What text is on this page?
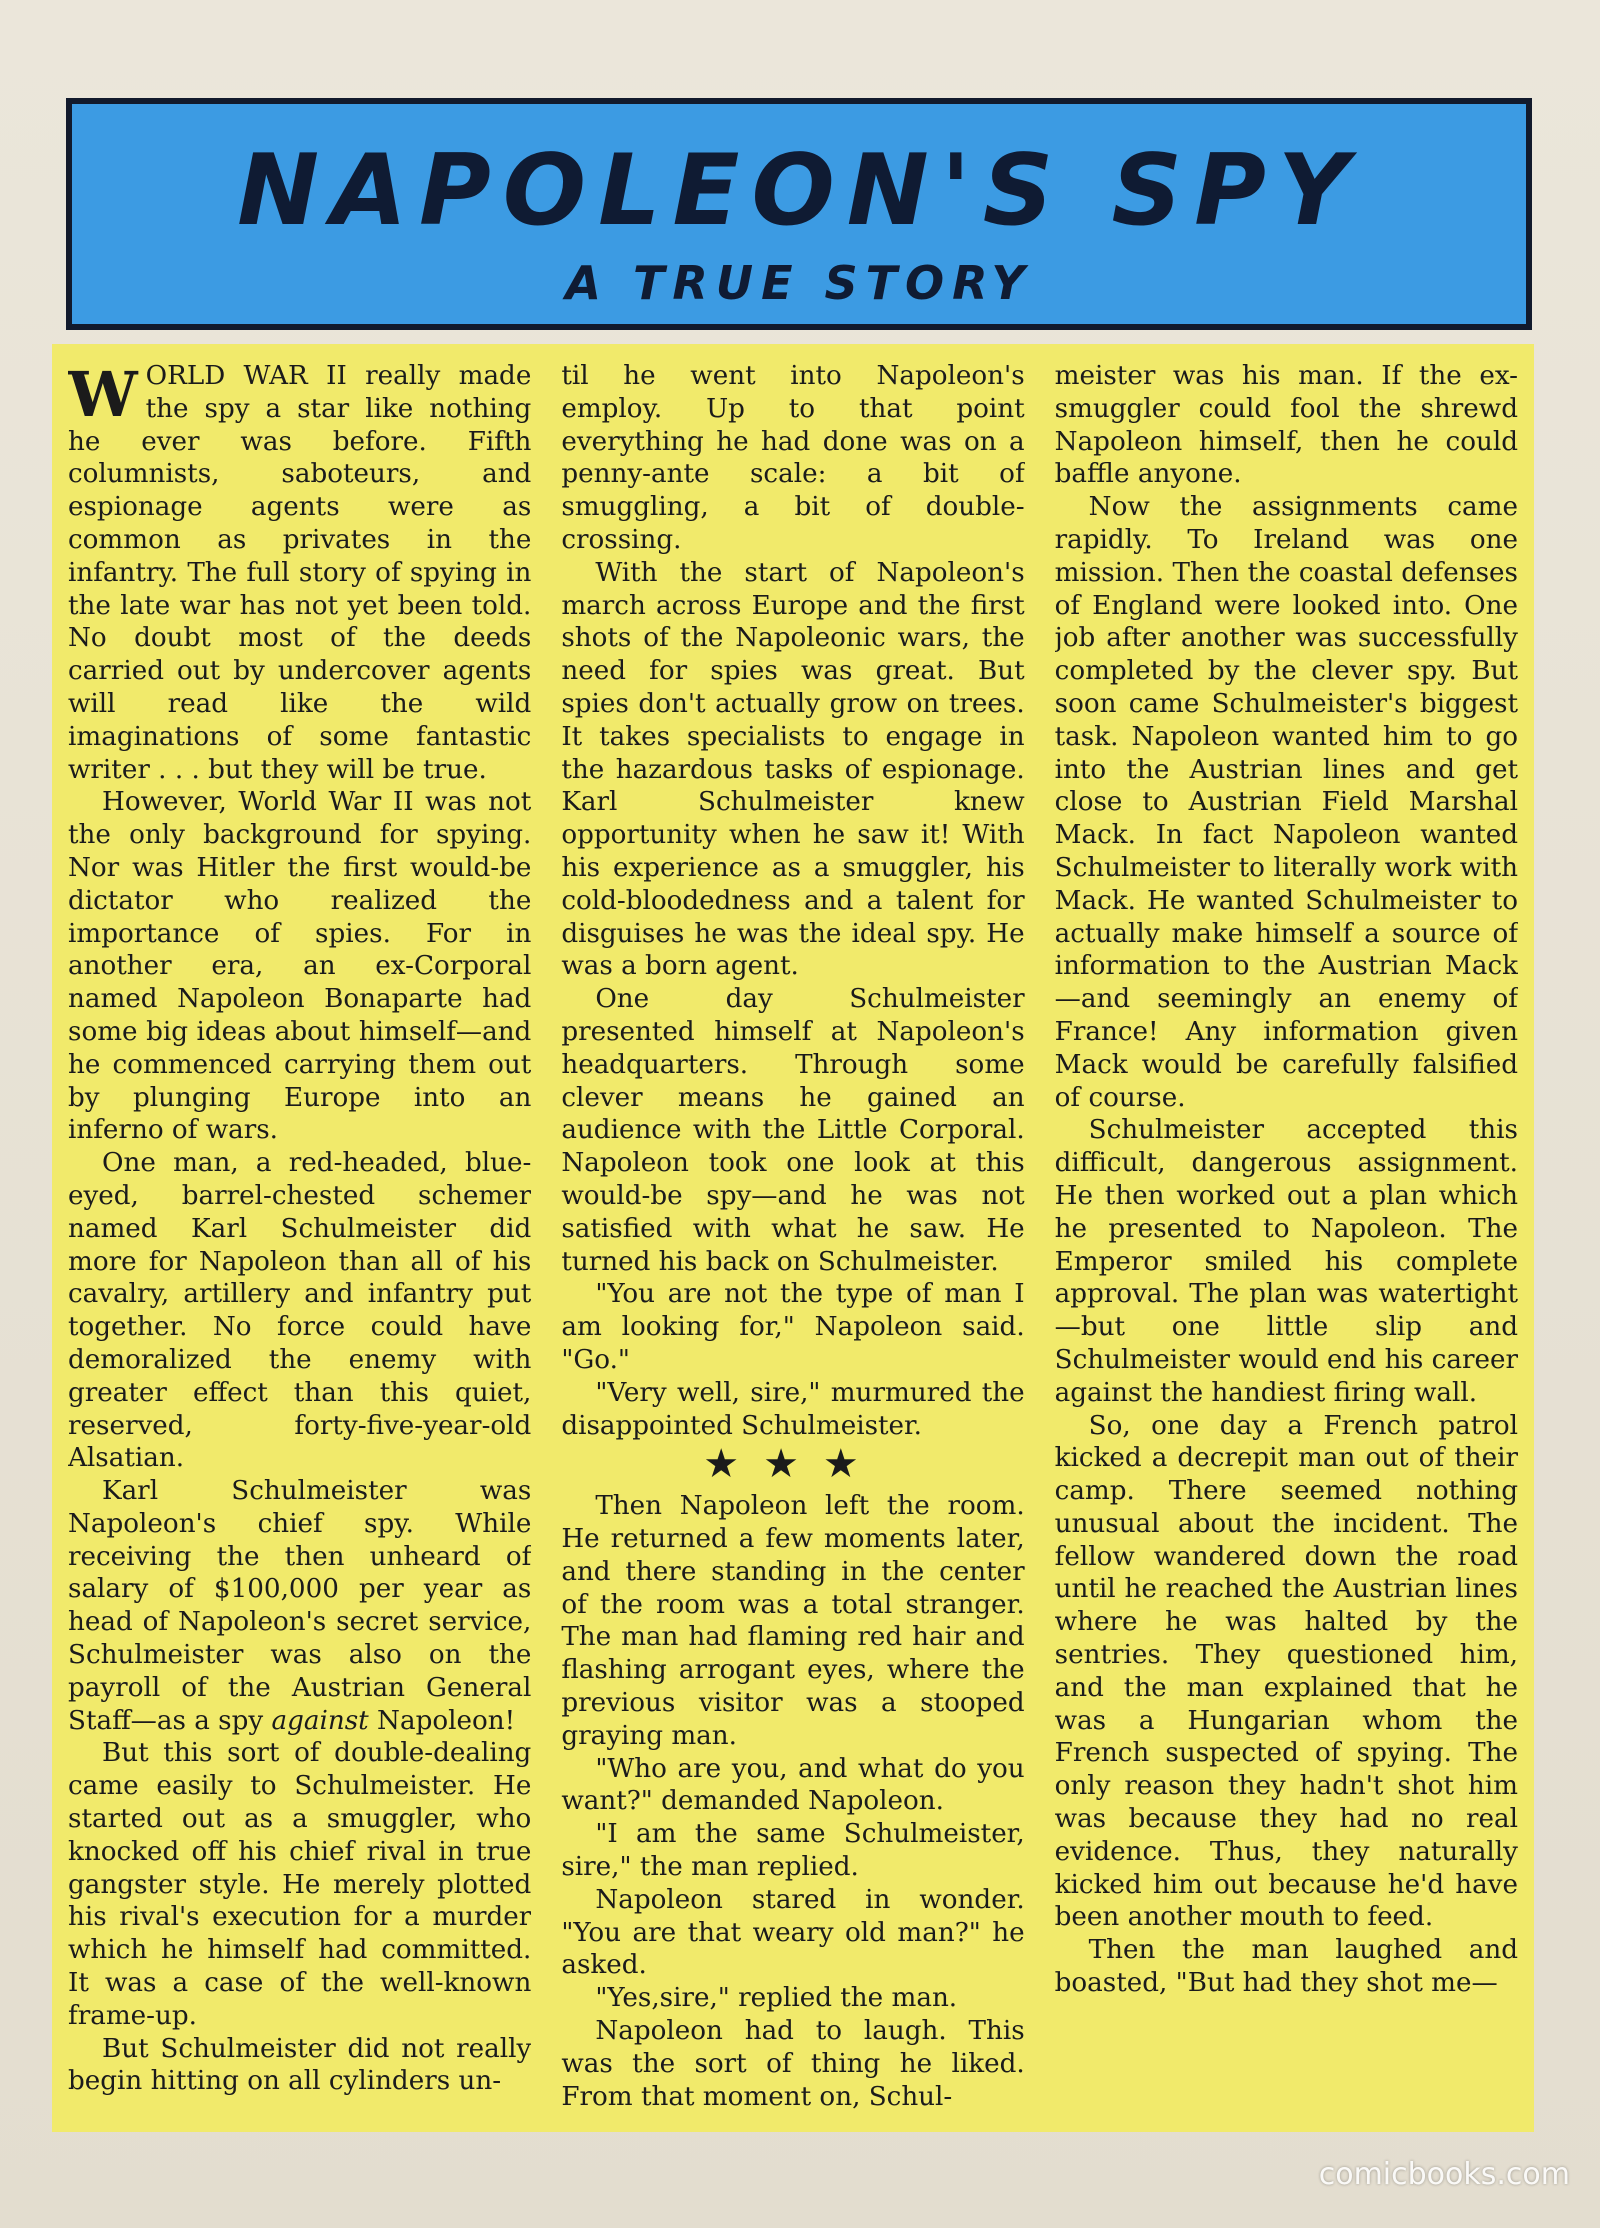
NAPOLEON'S SPY
A TRUE STORY

WORLD WAR II really made the spy a star like nothing he ever was before. Fifth columnists, saboteurs, and espionage agents were as common as privates in the infantry. The full story of spying in the late war has not yet been told. No doubt most of the deeds carried out by undercover agents will read like the wild imaginations of some fantastic writer . . . but they will be true.

However, World War II was not the only background for spying. Nor was Hitler the first would-be dictator who realized the importance of spies. For in another era, an ex-Corporal named Napoleon Bonaparte had some big ideas about himself—and he commenced carrying them out by plunging Europe into an inferno of wars.

One man, a red-headed, blue-eyed, barrel-chested schemer named Karl Schulmeister did more for Napoleon than all of his cavalry, artillery and infantry put together. No force could have demoralized the enemy with greater effect than this quiet, reserved, forty-five-year-old Alsatian.

Karl Schulmeister was Napoleon's chief spy. While receiving the then unheard of salary of $100,000 per year as head of Napoleon's secret service, Schulmeister was also on the payroll of the Austrian General Staff—as a spy against Napoleon!

But this sort of double-dealing came easily to Schulmeister. He started out as a smuggler, who knocked off his chief rival in true gangster style. He merely plotted his rival's execution for a murder which he himself had committed. It was a case of the well-known frame-up.

But Schulmeister did not really begin hitting on all cylinders un-

til he went into Napoleon's employ. Up to that point everything he had done was on a penny-ante scale: a bit of smuggling, a bit of double-crossing.

With the start of Napoleon's march across Europe and the first shots of the Napoleonic wars, the need for spies was great. But spies don't actually grow on trees. It takes specialists to engage in the hazardous tasks of espionage. Karl Schulmeister knew opportunity when he saw it! With his experience as a smuggler, his cold-bloodedness and a talent for disguises he was the ideal spy. He was a born agent.

One day Schulmeister presented himself at Napoleon's headquarters. Through some clever means he gained an audience with the Little Corporal. Napoleon took one look at this would-be spy—and he was not satisfied with what he saw. He turned his back on Schulmeister.

"You are not the type of man I am looking for," Napoleon said. "Go."

"Very well, sire," murmured the disappointed Schulmeister.

★★★

Then Napoleon left the room. He returned a few moments later, and there standing in the center of the room was a total stranger. The man had flaming red hair and flashing arrogant eyes, where the previous visitor was a stooped graying man.

"Who are you, and what do you want?" demanded Napoleon.

"I am the same Schulmeister, sire," the man replied.

Napoleon stared in wonder. "You are that weary old man?" he asked.

"Yes,sire," replied the man.

Napoleon had to laugh. This was the sort of thing he liked. From that moment on, Schul-

meister was his man. If the ex-smuggler could fool the shrewd Napoleon himself, then he could baffle anyone.

Now the assignments came rapidly. To Ireland was one mission. Then the coastal defenses of England were looked into. One job after another was successfully completed by the clever spy. But soon came Schulmeister's biggest task. Napoleon wanted him to go into the Austrian lines and get close to Austrian Field Marshal Mack. In fact Napoleon wanted Schulmeister to literally work with Mack. He wanted Schulmeister to actually make himself a source of information to the Austrian Mack—and seemingly an enemy of France! Any information given Mack would be carefully falsified of course.

Schulmeister accepted this difficult, dangerous assignment. He then worked out a plan which he presented to Napoleon. The Emperor smiled his complete approval. The plan was watertight—but one little slip and Schulmeister would end his career against the handiest firing wall.

So, one day a French patrol kicked a decrepit man out of their camp. There seemed nothing unusual about the incident. The fellow wandered down the road until he reached the Austrian lines where he was halted by the sentries. They questioned him, and the man explained that he was a Hungarian whom the French suspected of spying. The only reason they hadn't shot him was because they had no real evidence. Thus, they naturally kicked him out because he'd have been another mouth to feed.

Then the man laughed and boasted, "But had they shot me—

comicbooks.com
